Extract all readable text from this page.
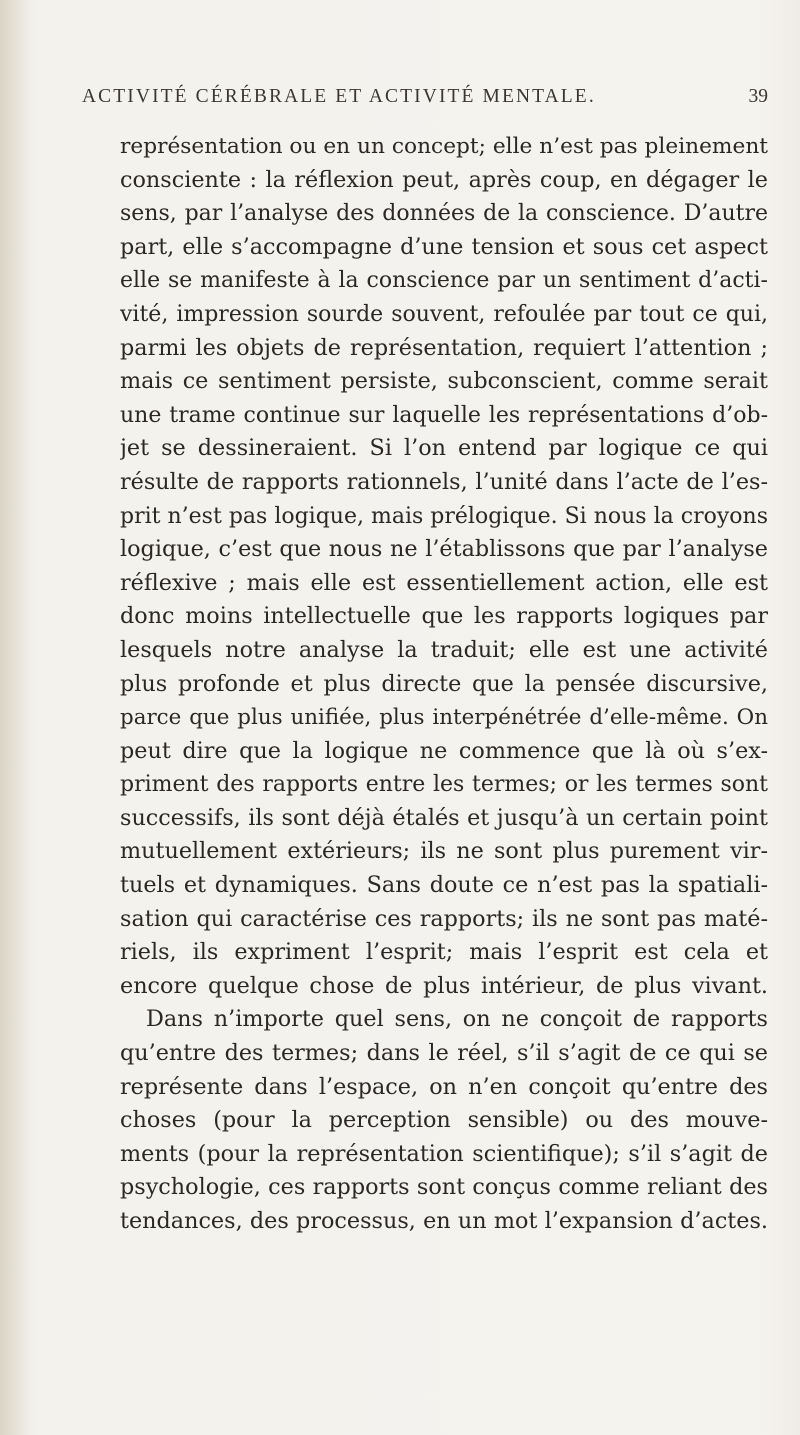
ACTIVITÉ CÉRÉBRALE ET ACTIVITÉ MENTALE.	39
représentation ou en un concept; elle n’est pas pleinement
consciente : la réflexion peut, après coup, en dégager le
sens, par l’analyse des données de la conscience. D’autre
part, elle s’accompagne d’une tension et sous cet aspect
elle se manifeste à la conscience par un sentiment d’acti-
vité, impression sourde souvent, refoulée par tout ce qui,
parmi les objets de représentation, requiert l’attention ;
mais ce sentiment persiste, subconscient, comme serait
une trame continue sur laquelle les représentations d’ob-
jet se dessineraient. Si l’on entend par logique ce qui
résulte de rapports rationnels, l’unité dans l’acte de l’es-
prit n’est pas logique, mais prélogique. Si nous la croyons
logique, c’est que nous ne l’établissons que par l’analyse
réflexive ; mais elle est essentiellement action, elle est
donc moins intellectuelle que les rapports logiques par
lesquels notre analyse la traduit; elle est une activité
plus profonde et plus directe que la pensée discursive,
parce que plus unifiée, plus interpénétrée d’elle-même. On
peut dire que la logique ne commence que là où s’ex-
priment des rapports entre les termes; or les termes sont
successifs, ils sont déjà étalés et jusqu’à un certain point
mutuellement extérieurs; ils ne sont plus purement vir-
tuels et dynamiques. Sans doute ce n’est pas la spatiali-
sation qui caractérise ces rapports; ils ne sont pas maté-
riels, ils expriment l’esprit; mais l’esprit est cela et
encore quelque chose de plus intérieur, de plus vivant.
Dans n’importe quel sens, on ne conçoit de rapports
qu’entre des termes; dans le réel, s’il s’agit de ce qui se
représente dans l’espace, on n’en conçoit qu’entre des
choses (pour la perception sensible) ou des mouve-
ments (pour la représentation scientifique); s’il s’agit de
psychologie, ces rapports sont conçus comme reliant des
tendances, des processus, en un mot l’expansion d’actes.
